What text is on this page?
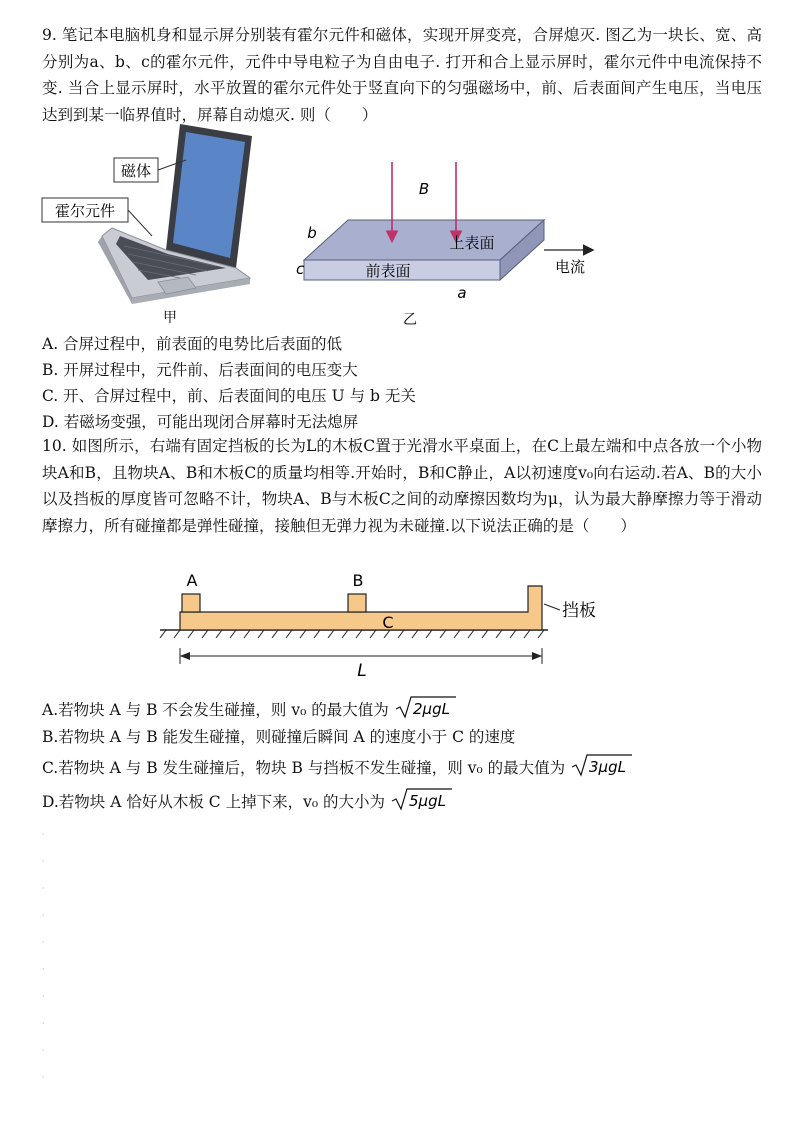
9. 笔记本电脑机身和显示屏分别装有霍尔元件和磁体，实现开屏变亮，合屏熄灭. 图乙为一块长、宽、高分别为a、b、c的霍尔元件，元件中导电粒子为自由电子. 打开和合上显示屏时，霍尔元件中电流保持不变. 当合上显示屏时，水平放置的霍尔元件处于竖直向下的匀强磁场中，前、后表面间产生电压，当电压达到到某一临界值时，屏幕自动熄灭. 则（　　）

磁体
霍尔元件
甲
B
上表面
前表面	电流
a
b
c
乙

A. 合屏过程中，前表面的电势比后表面的低

B. 开屏过程中，元件前、后表面间的电压变大

C. 开、合屏过程中，前、后表面间的电压 U 与 b 无关

D. 若磁场变强，可能出现闭合屏幕时无法熄屏

10. 如图所示，右端有固定挡板的长为L的木板C置于光滑水平桌面上，在C上最左端和中点各放一个小物块A和B，且物块A、B和木板C的质量均相等.开始时，B和C静止，A以初速度v₀向右运动.若A、B的大小以及挡板的厚度皆可忽略不计，物块A、B与木板C之间的动摩擦因数均为μ，认为最大静摩擦力等于滑动摩擦力，所有碰撞都是弹性碰撞，接触但无弹力视为未碰撞.以下说法正确的是（　　）

A	B
C
挡板
L

A.若物块 A 与 B 不会发生碰撞，则 v₀ 的最大值为 2μgL

B.若物块 A 与 B 能发生碰撞，则碰撞后瞬间 A 的速度小于 C 的速度

C.若物块 A 与 B 发生碰撞后，物块 B 与挡板不发生碰撞，则 v₀ 的最大值为 3μgL

D.若物块 A 恰好从木板 C 上掉下来，v₀ 的大小为 5μgL

·
·
·
·
·
·
·
·
·
·
